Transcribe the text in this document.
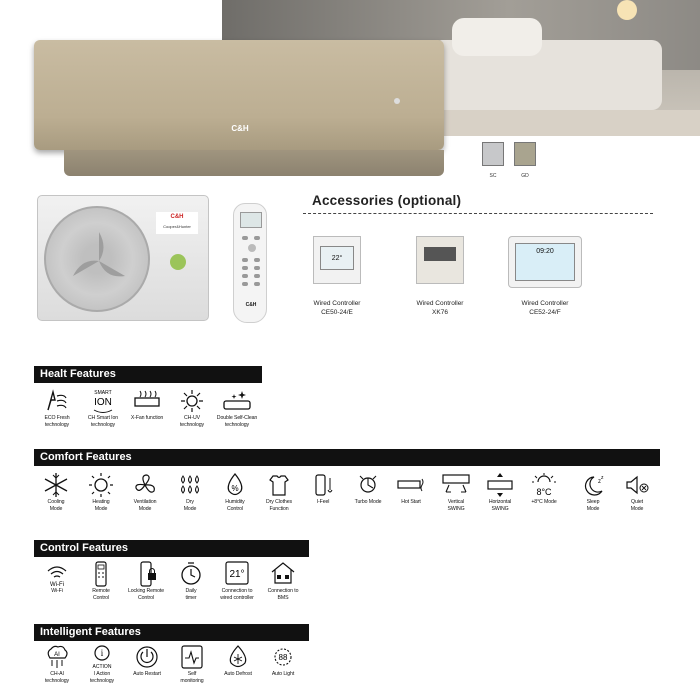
C&H
SC	GD
C&H
Cooper&Hunter
C&H
Accessories (optional)
22°
Wired Controller
CE50-24/E
Wired Controller
XK76
09:20
Wired Controller
CE52-24/F
Healt Features
ECO Fresh
technology
SMART
ION
CH Smart Ion
technology
X-Fan function	CH-UV
technology
Double Self-Clean
technology
Comfort Features
Cooling
Mode
Heating
Mode
Ventilation
Mode
Dry
Mode
%
Humidity
Control
Dry Clothes
Function
I-Feel	Turbo Mode	Hot Start	Vertical
SWING
Horizontal
SWING
8°C
+8°C Mode
z
z
Sleep
Mode
Quiet
Mode
Control Features
Wi-Fi
Wi-Fi	Remote
Control
Locking Remote
Control
Daily
timer
21°
Connection to
wired controller
Connection to
BMS
Intelligent Features
AI
CH-AI
technology
i
ACTION
I Action
technology
Auto Restart	Self
monitoring
Auto Defrost
88
Auto Light
